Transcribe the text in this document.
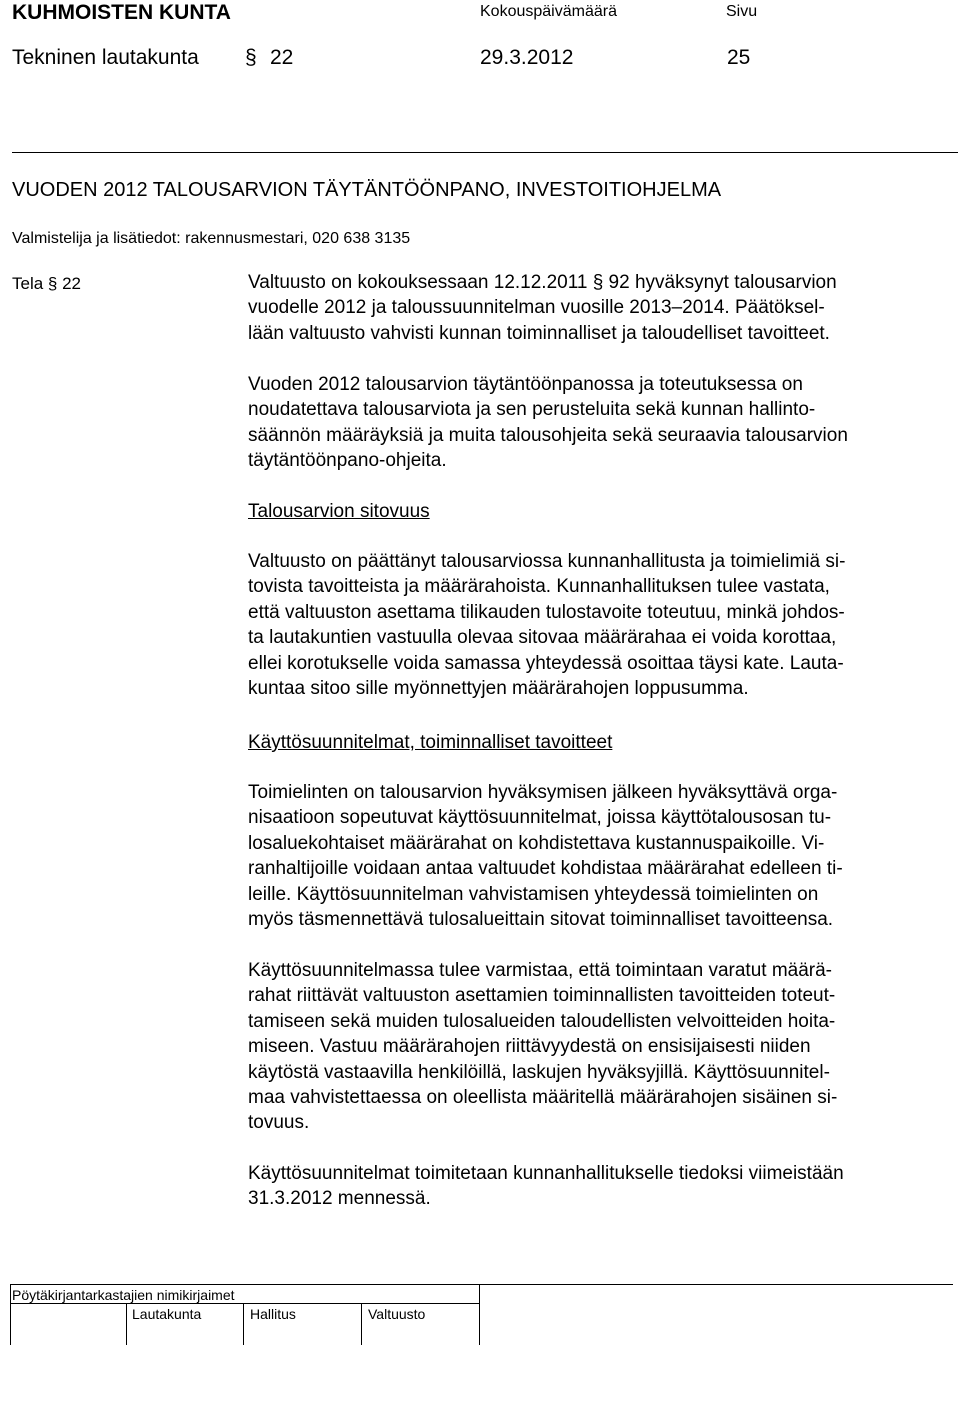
KUHMOISTEN KUNTA	Kokouspäivämäärä	Sivu
Tekninen lautakunta § 22	29.3.2012	25
VUODEN 2012 TALOUSARVION TÄYTÄNTÖÖNPANO, INVESTOITIOHJELMA
Valmistelija ja lisätiedot: rakennusmestari, 020 638 3135
Tela § 22	Valtuusto on kokouksessaan 12.12.2011 § 92 hyväksynyt talousarvion
vuodelle 2012 ja taloussuunnitelman vuosille 2013–2014. Päätöksel-
lään valtuusto vahvisti kunnan toiminnalliset ja taloudelliset tavoitteet.
Vuoden 2012 talousarvion täytäntöönpanossa ja toteutuksessa on
noudatettava talousarviota ja sen perusteluita sekä kunnan hallinto-
säännön määräyksiä ja muita talousohjeita sekä seuraavia talousarvion
täytäntöönpano-ohjeita.
Talousarvion sitovuus
Valtuusto on päättänyt talousarviossa kunnanhallitusta ja toimielimiä si-
tovista tavoitteista ja määrärahoista. Kunnanhallituksen tulee vastata,
että valtuuston asettama tilikauden tulostavoite toteutuu, minkä johdos-
ta lautakuntien vastuulla olevaa sitovaa määrärahaa ei voida korottaa,
ellei korotukselle voida samassa yhteydessä osoittaa täysi kate. Lauta-
kuntaa sitoo sille myönnettyjen määrärahojen loppusumma.
Käyttösuunnitelmat, toiminnalliset tavoitteet
Toimielinten on talousarvion hyväksymisen jälkeen hyväksyttävä orga-
nisaatioon sopeutuvat käyttösuunnitelmat, joissa käyttötalousosan tu-
losaluekohtaiset määrärahat on kohdistettava kustannuspaikoille. Vi-
ranhaltijoille voidaan antaa valtuudet kohdistaa määrärahat edelleen ti-
leille. Käyttösuunnitelman vahvistamisen yhteydessä toimielinten on
myös täsmennettävä tulosalueittain sitovat toiminnalliset tavoitteensa.
Käyttösuunnitelmassa tulee varmistaa, että toimintaan varatut määrä-
rahat riittävät valtuuston asettamien toiminnallisten tavoitteiden toteut-
tamiseen sekä muiden tulosalueiden taloudellisten velvoitteiden hoita-
miseen. Vastuu määrärahojen riittävyydestä on ensisijaisesti niiden
käytöstä vastaavilla henkilöillä, laskujen hyväksyjillä. Käyttösuunnitel-
maa vahvistettaessa on oleellista määritellä määrärahojen sisäinen si-
tovuus.
Käyttösuunnitelmat toimitetaan kunnanhallitukselle tiedoksi viimeistään
31.3.2012 mennessä.
Pöytäkirjantarkastajien nimikirjaimet
Lautakunta	Hallitus	Valtuusto
